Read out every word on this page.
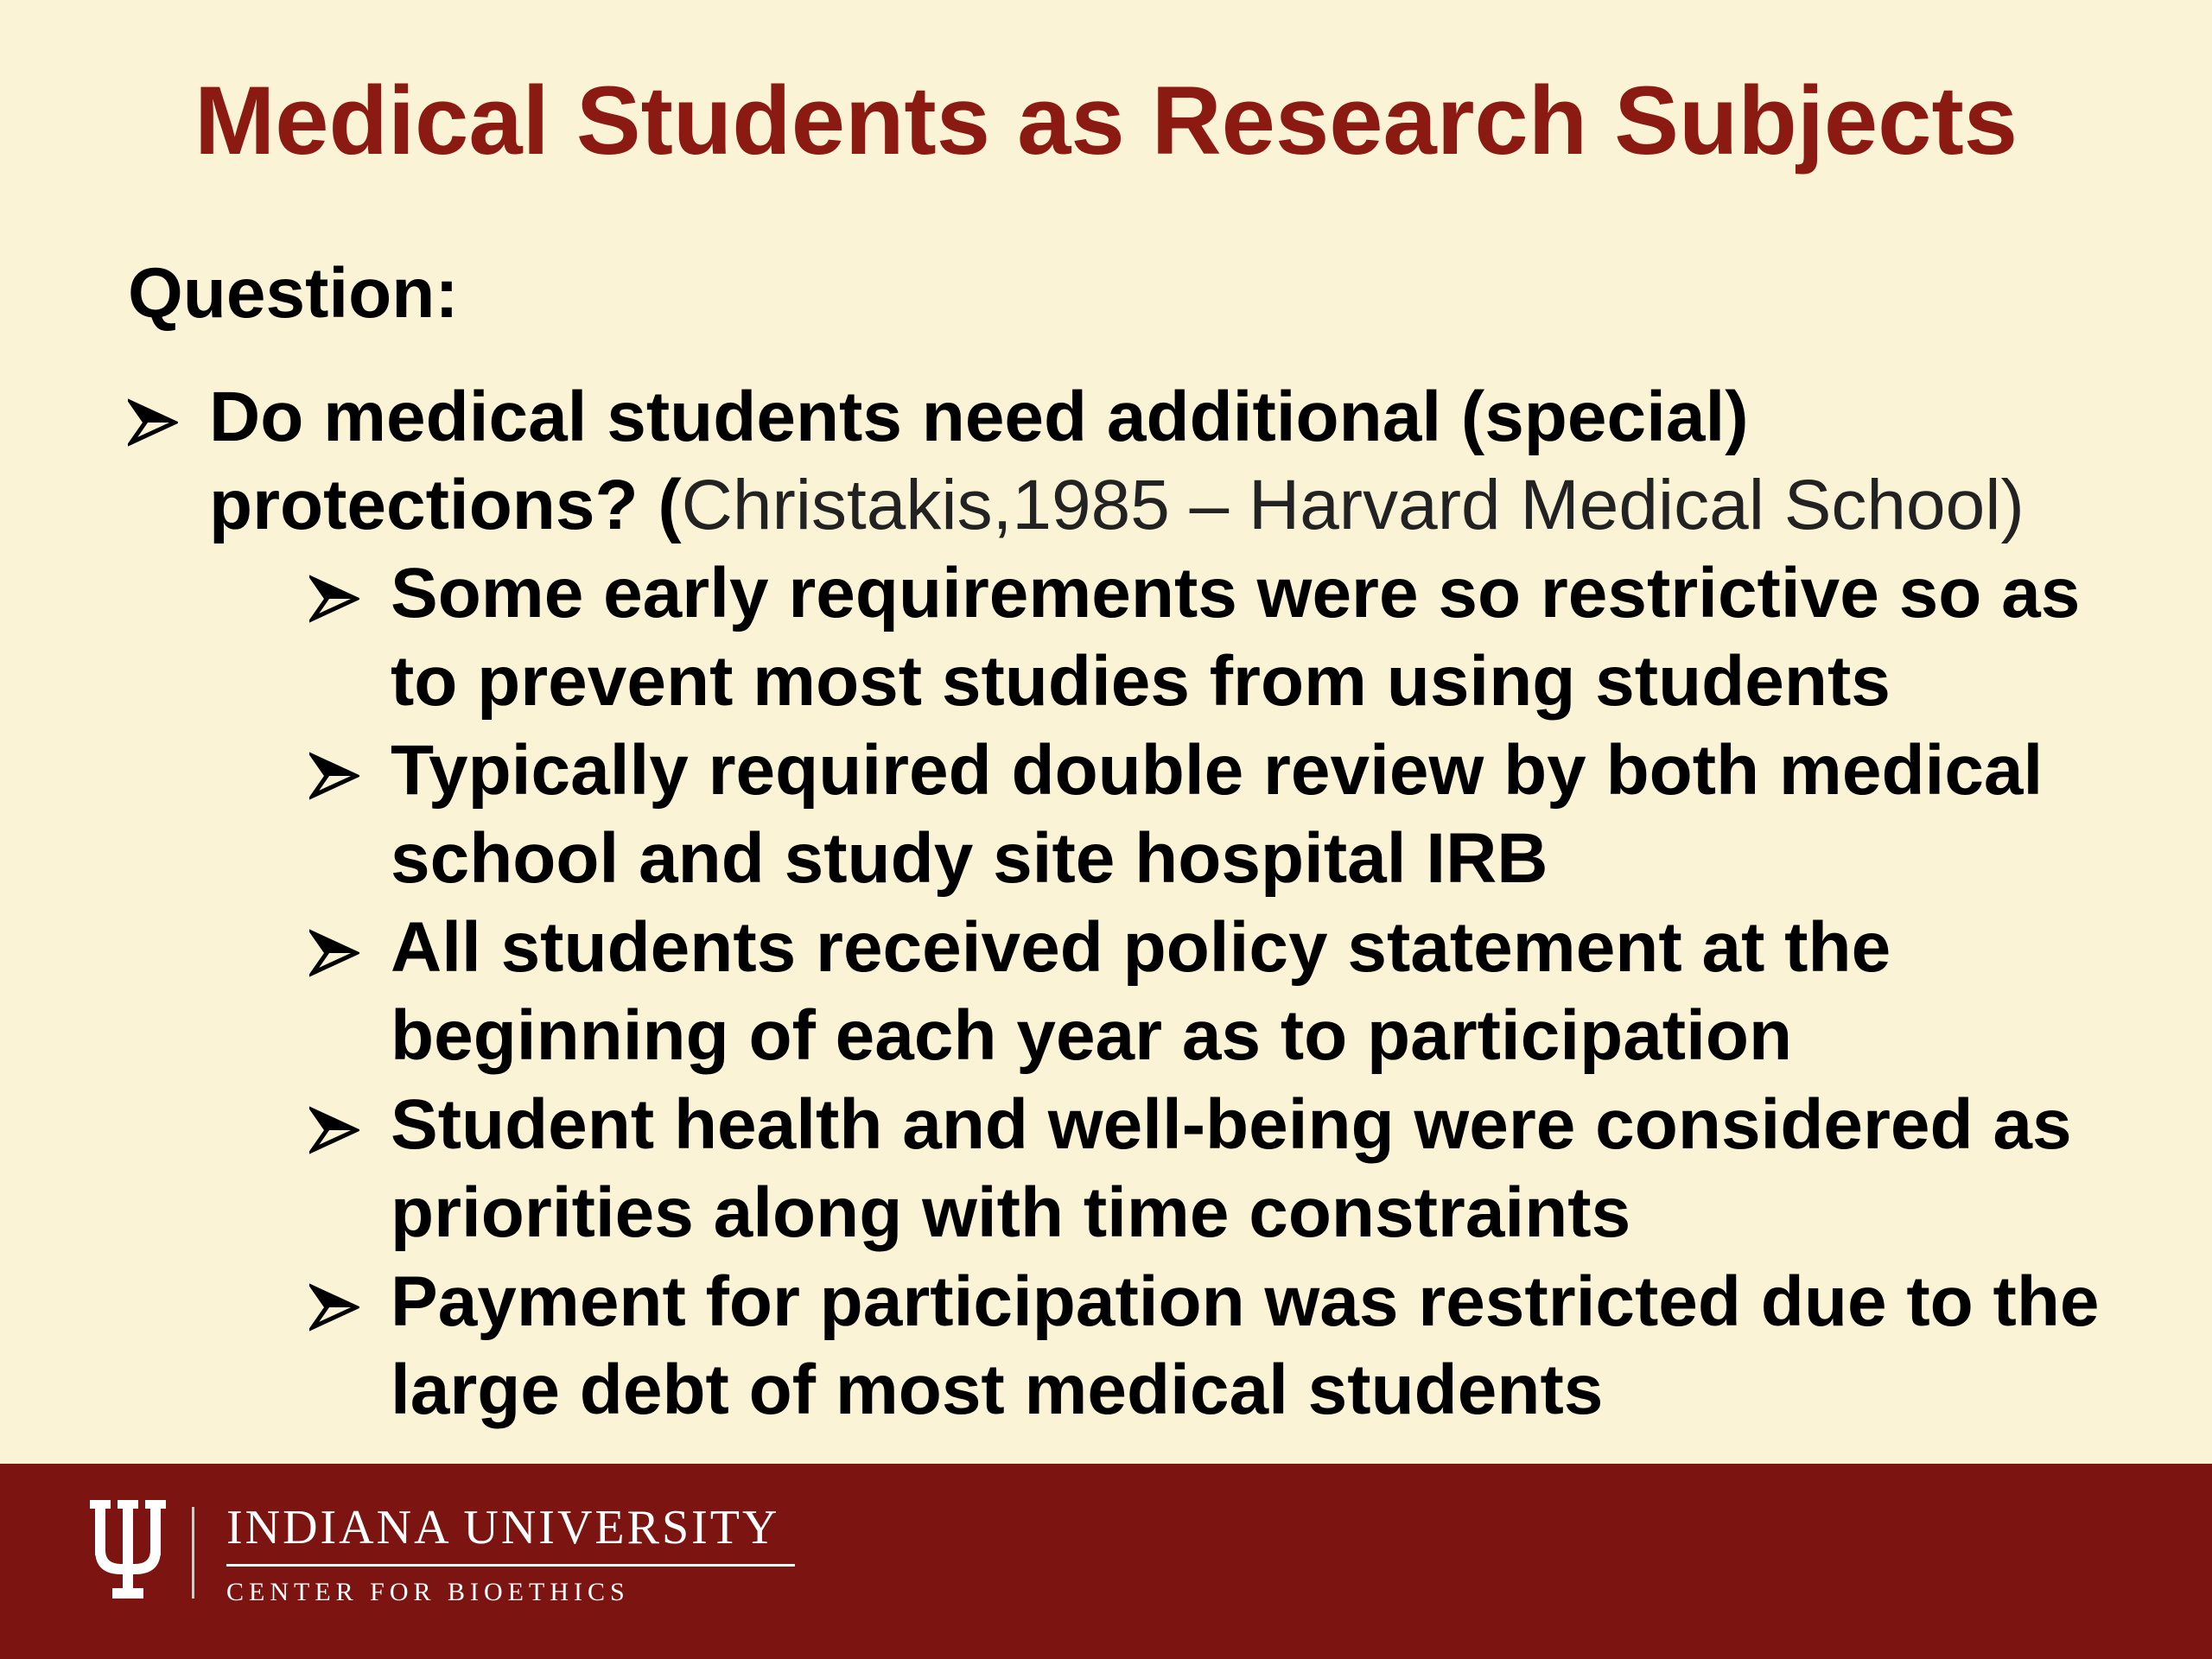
Medical Students as Research Subjects
Question:
Do medical students need additional (special)
protections? (Christakis,1985 – Harvard Medical School)
Some early requirements were so restrictive so as to prevent most studies from using students
Typically required double review by both medical school and study site hospital IRB
All students received policy statement at the beginning of each year as to participation
Student health and well-being were considered as priorities along with time constraints
Payment for participation was restricted due to the large debt of most medical students
INDIANA UNIVERSITY
CENTER FOR BIOETHICS
